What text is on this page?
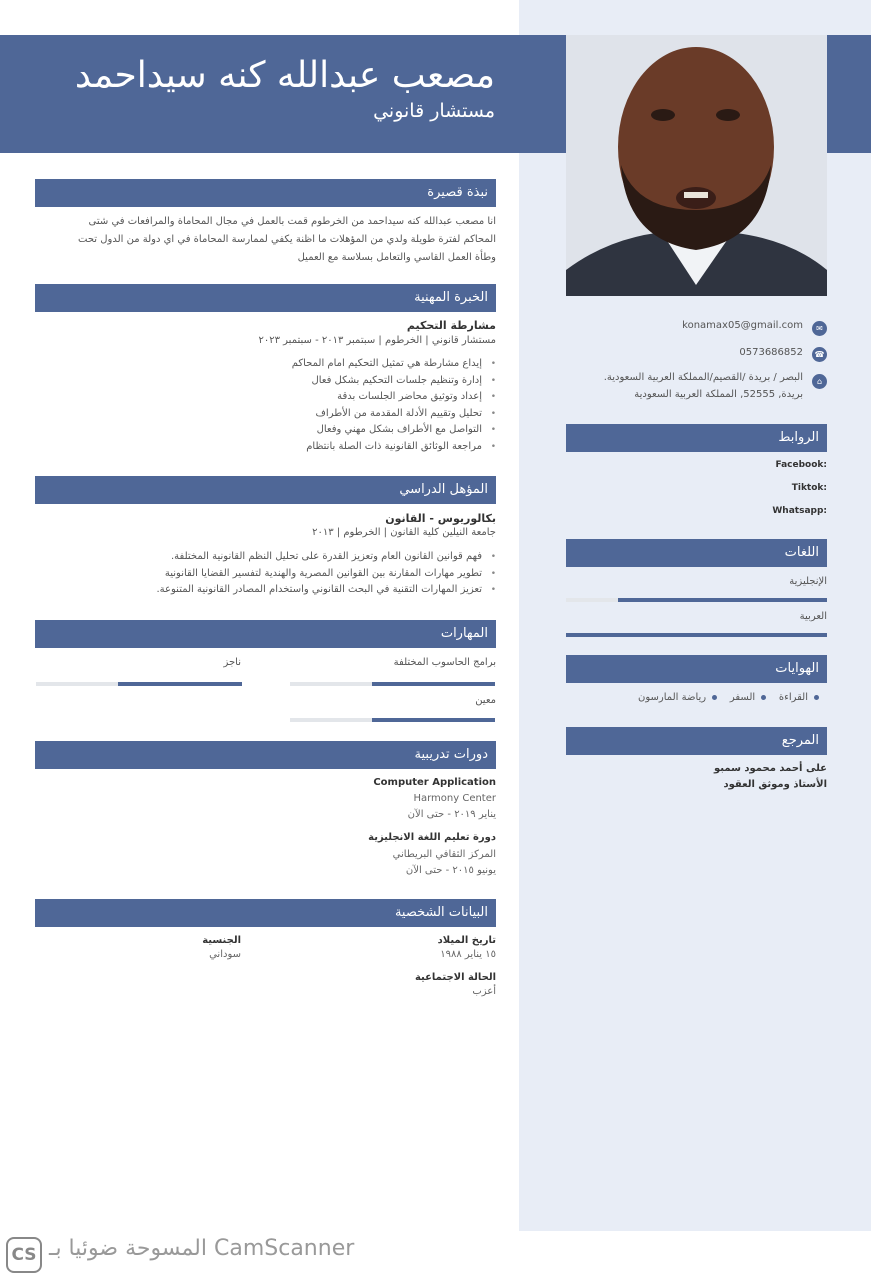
مصعب عبدالله كنه سيداحمد
مستشار قانوني
نبذة قصيرة
انا مصعب عبدالله كنه سيداحمد من الخرطوم قمت بالعمل في مجال المحاماة والمرافعات في شتى
المحاكم لفترة طويلة ولدي من المؤهلات ما اظنة يكفي لممارسة المحاماة في اي دولة من الدول تحت
وطأة العمل القاسي والتعامل بسلاسة مع العميل
الخبرة المهنية
مشارطة التحكيم
مستشار قانوني | الخرطوم | سبتمبر ٢٠١٣ - سبتمبر ٢٠٢٣
• إيداع مشارطة هي تمثيل التحكيم امام المحاكم
• إدارة وتنظيم جلسات التحكيم بشكل فعال
• إعداد وتوثيق محاضر الجلسات بدقة
• تحليل وتقييم الأدلة المقدمة من الأطراف
• التواصل مع الأطراف بشكل مهني وفعال
• مراجعة الوثائق القانونية ذات الصلة بانتظام
المؤهل الدراسي
بكالوريوس - القانون
جامعة النيلين كلية القانون | الخرطوم | ٢٠١٣
• فهم قوانين القانون العام وتعزيز القدرة على تحليل النظم القانونية المختلفة.
• تطوير مهارات المقارنة بين القوانين المصرية والهندية لتفسير القضايا القانونية
• تعزيز المهارات التقنية في البحث القانوني واستخدام المصادر القانونية المتنوعة.
المهارات
برامج الحاسوب المختلفة
ناجز
معين
دورات تدريبية
Computer Application
Harmony Center
يناير ٢٠١٩ - حتى الآن
دورة تعليم اللغة الانجليزية
المركز الثقافي البريطاني
يونيو ٢٠١٥ - حتى الآن
البيانات الشخصية
تاريخ الميلاد
١٥ يناير ١٩٨٨
الجنسية
سوداني
الحالة الاجتماعية
أعزب
konamax05@gmail.com	✉
0573686852	☎
البصر / بريدة /القصيم/المملكة العربية السعودية.
بريدة, 52555, المملكة العربية السعودية
⌂
الروابط
Facebook:
Tiktok:
Whatsapp:
اللغات
الإنجليزية
العربية
الهوايات
القراءة    السفر    رياضة المارسون
المرجع
على أحمد محمود سمبو
الأستاذ وموثق العقود
CS المسوحة ضوئيا بـ CamScanner
